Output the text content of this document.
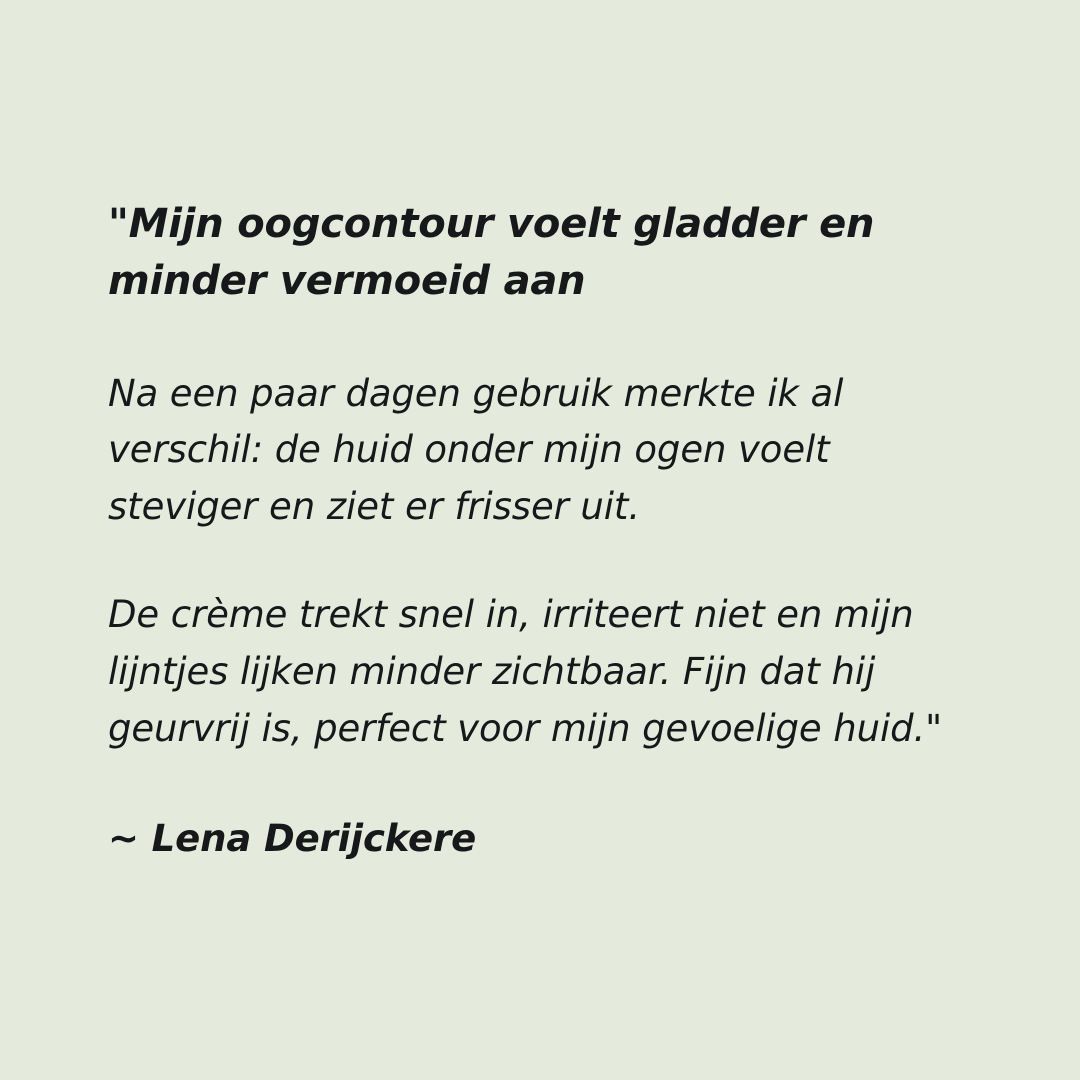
"Mijn oogcontour voelt gladder en minder vermoeid aan

Na een paar dagen gebruik merkte ik al verschil: de huid onder mijn ogen voelt steviger en ziet er frisser uit.

De crème trekt snel in, irriteert niet en mijn lijntjes lijken minder zichtbaar. Fijn dat hij geurvrij is, perfect voor mijn gevoelige huid."

~ Lena Derijckere
